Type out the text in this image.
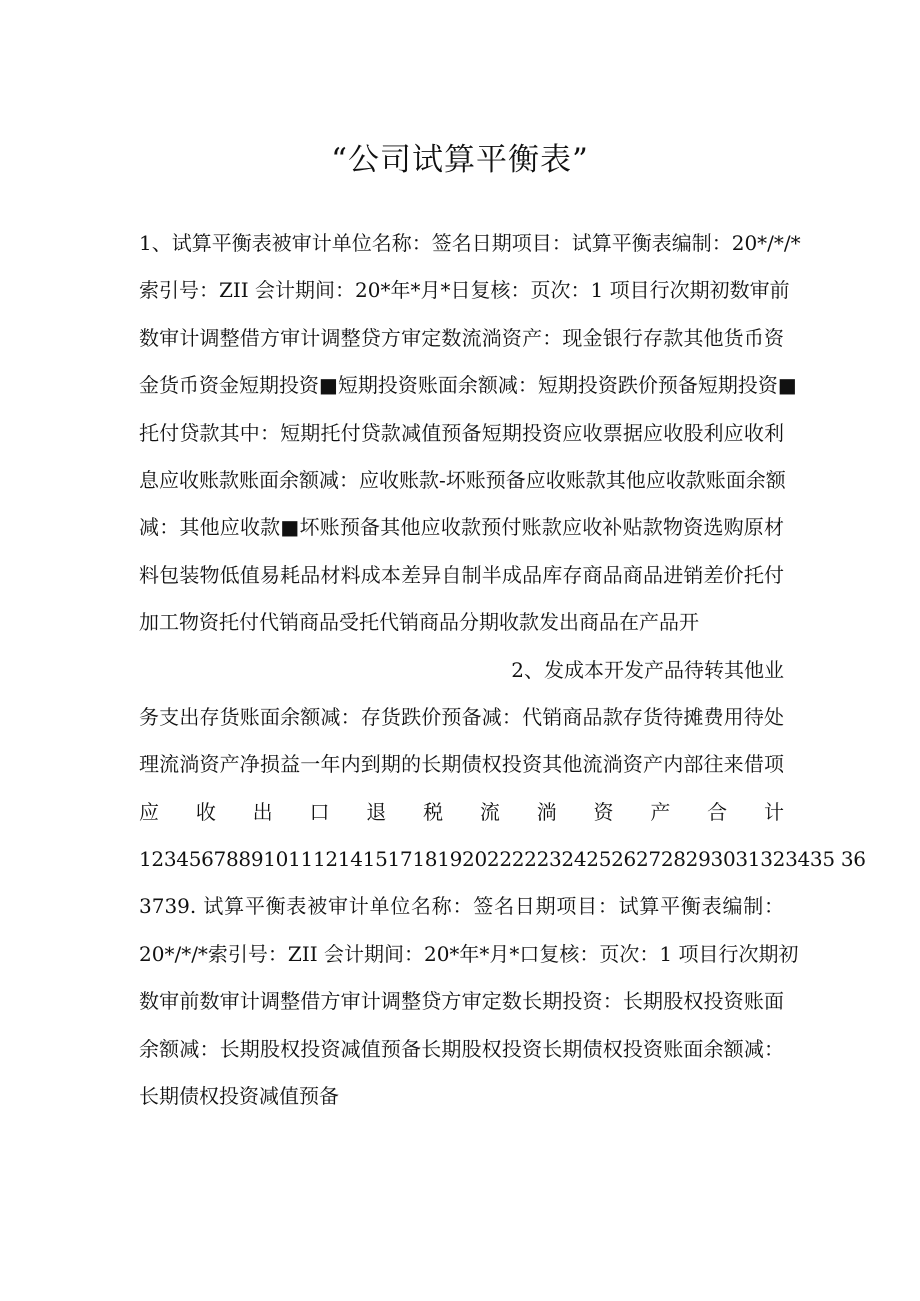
“公司试算平衡表”
1、试算平衡表被审计单位名称：签名日期项目：试算平衡表编制：20*/*/*
索引号：ZII 会计期间：20*年*月*日复核：页次：1 项目行次期初数审前
数审计调整借方审计调整贷方审定数流淌资产：现金银行存款其他货币资
金货币资金短期投资■短期投资账面余额减：短期投资跌价预备短期投资■
托付贷款其中：短期托付贷款减值预备短期投资应收票据应收股利应收利
息应收账款账面余额减：应收账款-坏账预备应收账款其他应收款账面余额
减：其他应收款■坏账预备其他应收款预付账款应收补贴款物资选购原材
料包装物低值易耗品材料成本差异自制半成品库存商品商品进销差价托付
加工物资托付代销商品受托代销商品分期收款发出商品在产品开
2、发成本开发产品待转其他业
务支出存货账面余额减：存货跌价预备减：代销商品款存货待摊费用待处
理流淌资产净损益一年内到期的长期债权投资其他流淌资产内部往来借项
应 收 出 口 退 税 流 淌 资 产 合 计
12345678891011121415171819202222232425262728293031323435 36
3739. 试算平衡表被审计单位名称：签名日期项目：试算平衡表编制：
20*/*/*索引号：ZII 会计期间：20*年*月*口复核：页次：1 项目行次期初
数审前数审计调整借方审计调整贷方审定数长期投资：长期股权投资账面
余额减：长期股权投资减值预备长期股权投资长期债权投资账面余额减：
长期债权投资减值预备
